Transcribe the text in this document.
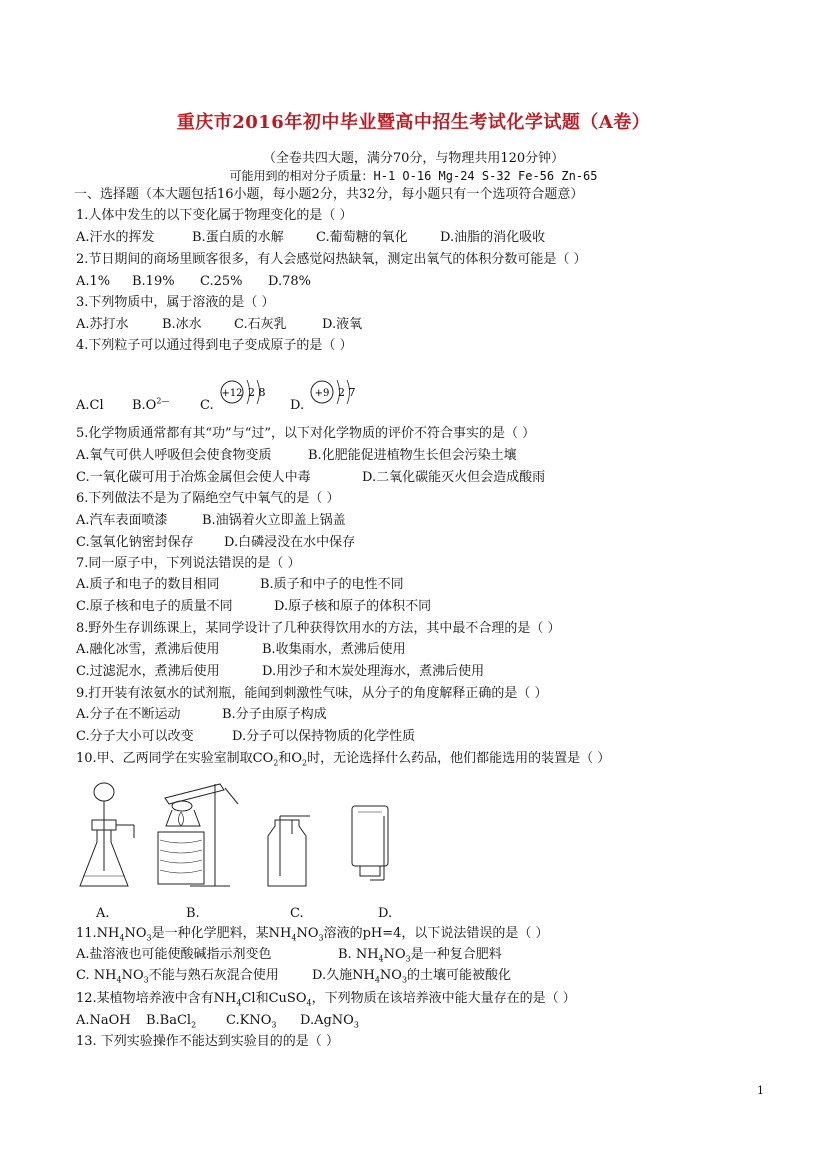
重庆市2016年初中毕业暨高中招生考试化学试题（A卷）
（全卷共四大题，满分70分，与物理共用120分钟）
可能用到的相对分子质量：H-1 O-16 Mg-24 S-32 Fe-56 Zn-65
一、选择题（本大题包括16小题，每小题2分，共32分，每小题只有一个选项符合题意）
1.人体中发生的以下变化属于物理变化的是（ ）
A.汗水的挥发	B.蛋白质的水解 C.葡萄糖的氧化 D.油脂的消化吸收
2.节日期间的商场里顾客很多，有人会感觉闷热缺氧，测定出氧气的体积分数可能是（ ）
A.1% B.19% C.25% D.78%
3.下列物质中，属于溶液的是（ ）
A.苏打水	B.冰水 C.石灰乳	D.液氧
4.下列粒子可以通过得到电子变成原子的是（ ）
A.Cl $B.O^{2—}$ C.	D.
+12 2 8	+9 2 7
5.化学物质通常都有其“功”与“过”，以下对化学物质的评价不符合事实的是（ ）
A.氧气可供人呼吸但会使食物变质	B.化肥能促进植物生长但会污染土壤
C.一氧化碳可用于冶炼金属但会使人中毒	D.二氧化碳能灭火但会造成酸雨
6.下列做法不是为了隔绝空气中氧气的是（ ）
A.汽车表面喷漆	B.油锅着火立即盖上锅盖
C.氢氧化钠密封保存 D.白磷浸没在水中保存
7.同一原子中，下列说法错误的是（ ）
A.质子和电子的数目相同	B.质子和中子的电性不同
C.原子核和电子的质量不同	D.原子核和原子的体积不同
8.野外生存训练课上，某同学设计了几种获得饮用水的方法，其中最不合理的是（ ）
A.融化冰雪，煮沸后使用	B.收集雨水，煮沸后使用
C.过滤泥水，煮沸后使用	D.用沙子和木炭处理海水，煮沸后使用
9.打开装有浓氨水的试剂瓶，能闻到刺激性气味，从分子的角度解释正确的是（ ）
A.分子在不断运动	B.分子由原子构成
C.分子大小可以改变	D.分子可以保持物质的化学性质
10.甲、乙两同学在实验室制取$CO_2$和$O_2$时，无论选择什么药品，他们都能选用的装置是（ ）
A.	B.	C.	D.
$11.NH_4NO_3$是一种化学肥料，某$NH_4NO_3$溶液的pH=4，以下说法错误的是（ ）
A.盐溶液也可能使酸碱指示剂变色	B. $NH_4NO_3$是一种复合肥料
C. $NH_4NO_3$不能与熟石灰混合使用	D.久施$NH_4NO_3$的土壤可能被酸化
12.某植物培养液中含有$NH_4Cl$和CuSO$_4$，下列物质在该培养液中能大量存在的是（ ）
A.NaOH B.BaCl$_2$ $C.KNO_3$ D.AgNO$_3$
13. 下列实验操作不能达到实验目的的是（ ）
1
